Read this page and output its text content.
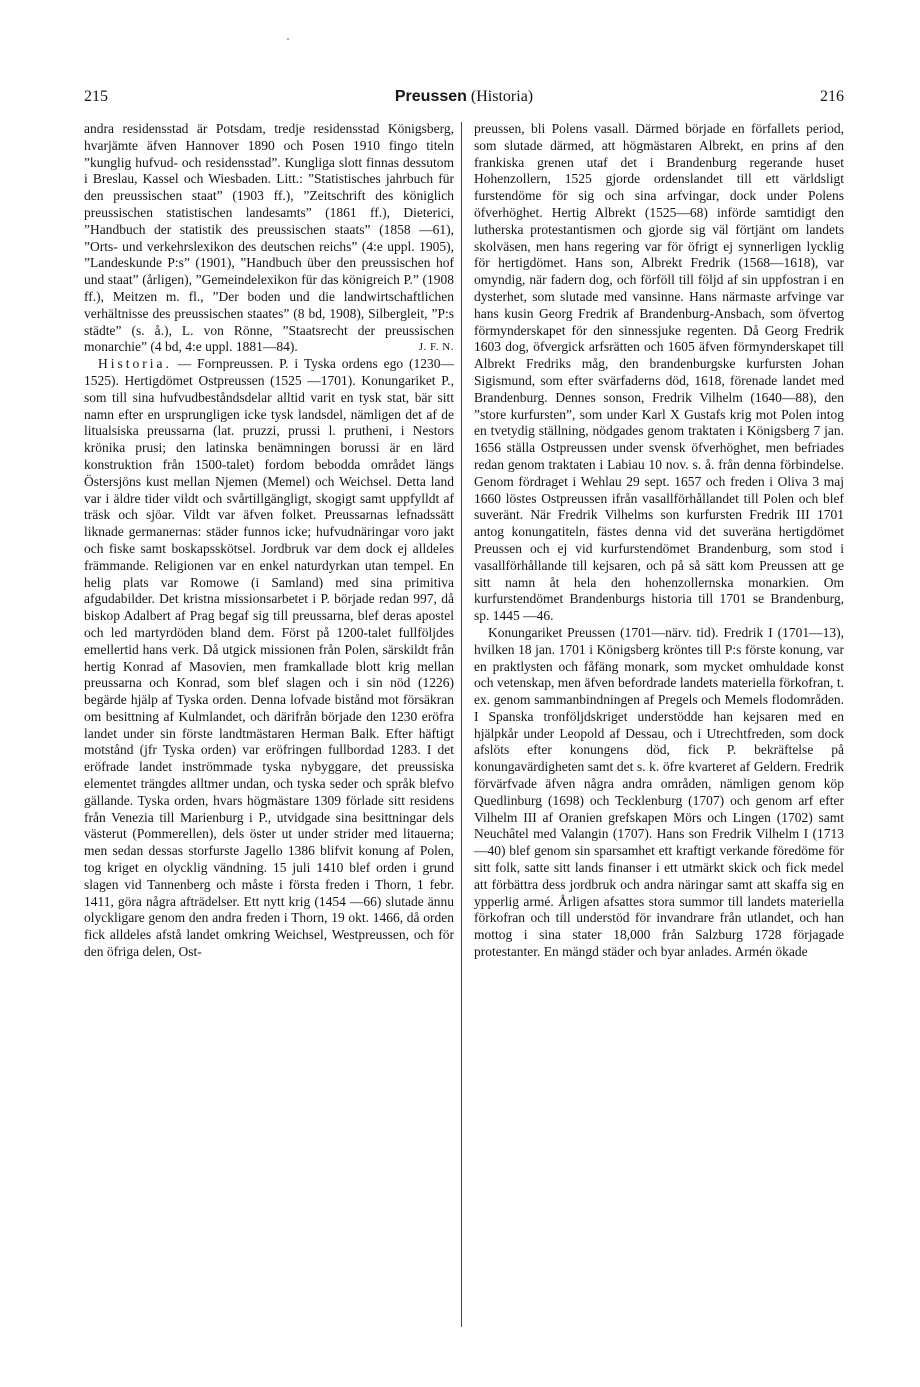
215	Preussen (Historia)	216

andra residensstad är Potsdam, tredje residensstad Königsberg, hvarjämte äfven Hannover 1890 och Posen 1910 fingo titeln ”kunglig hufvud- och residensstad”. Kungliga slott finnas dessutom i Breslau, Kassel och Wiesbaden. Litt.: ”Statistisches jahrbuch für den preussischen staat” (1903 ff.), ”Zeitschrift des königlich preussischen statistischen landesamts” (1861 ff.), Dieterici, ”Handbuch der statistik des preussischen staats” (1858 —61), ”Orts- und verkehrslexikon des deutschen reichs” (4:e uppl. 1905), ”Landeskunde P:s” (1901), ”Handbuch über den preussischen hof und staat” (årligen), ”Gemeindelexikon für das königreich P.” (1908 ff.), Meitzen m. fl., ”Der boden und die landwirtschaftlichen verhältnisse des preussischen staates” (8 bd, 1908), Silbergleit, ”P:s städte” (s. å.), L. von Rönne, ”Staatsrecht der preussischen monarchie” (4 bd, 4:e uppl. 1881—84).	J. F. N.

Historia. — Fornpreussen. P. i Tyska ordens ego (1230—1525). Hertigdömet Ostpreussen (1525 —1701). Konungariket P., som till sina hufvudbeståndsdelar alltid varit en tysk stat, bär sitt namn efter en ursprungligen icke tysk landsdel, nämligen det af de litualsiska preussarna (lat. pruzzi, prussi l. prutheni, i Nestors krönika prusi; den latinska benämningen borussi är en lärd konstruktion från 1500-talet) fordom bebodda området längs Östersjöns kust mellan Njemen (Memel) och Weichsel. Detta land var i äldre tider vildt och svårtillgängligt, skogigt samt uppfylldt af träsk och sjöar. Vildt var äfven folket. Preussarnas lefnadssätt liknade germanernas: städer funnos icke; hufvudnäringar voro jakt och fiske samt boskapsskötsel. Jordbruk var dem dock ej alldeles främmande. Religionen var en enkel naturdyrkan utan tempel. En helig plats var Romowe (i Samland) med sina primitiva afgudabilder. Det kristna missionsarbetet i P. började redan 997, då biskop Adalbert af Prag begaf sig till preussarna, blef deras apostel och led martyrdöden bland dem. Först på 1200-talet fullföljdes emellertid hans verk. Då utgick missionen från Polen, särskildt från hertig Konrad af Masovien, men framkallade blott krig mellan preussarna och Konrad, som blef slagen och i sin nöd (1226) begärde hjälp af Tyska orden. Denna lofvade bistånd mot försäkran om besittning af Kulmlandet, och därifrån började den 1230 eröfra landet under sin förste landtmästaren Herman Balk. Efter häftigt motstånd (jfr Tyska orden) var eröfringen fullbordad 1283. I det eröfrade landet inströmmade tyska nybyggare, det preussiska elementet trängdes alltmer undan, och tyska seder och språk blefvo gällande. Tyska orden, hvars högmästare 1309 förlade sitt residens från Venezia till Marienburg i P., utvidgade sina besittningar dels västerut (Pommerellen), dels öster ut under strider med litauerna; men sedan dessas storfurste Jagello 1386 blifvit konung af Polen, tog kriget en olycklig vändning. 15 juli 1410 blef orden i grund slagen vid Tannenberg och måste i första freden i Thorn, 1 febr. 1411, göra några afträdelser. Ett nytt krig (1454 —66) slutade ännu olyckligare genom den andra freden i Thorn, 19 okt. 1466, då orden fick alldeles afstå landet omkring Weichsel, Westpreussen, och för den öfriga delen, Ost-

preussen, bli Polens vasall. Därmed började en förfallets period, som slutade därmed, att högmästaren Albrekt, en prins af den frankiska grenen utaf det i Brandenburg regerande huset Hohenzollern, 1525 gjorde ordenslandet till ett världsligt furstendöme för sig och sina arfvingar, dock under Polens öfverhöghet. Hertig Albrekt (1525—68) införde samtidigt den lutherska protestantismen och gjorde sig väl förtjänt om landets skolväsen, men hans regering var för öfrigt ej synnerligen lycklig för hertigdömet. Hans son, Albrekt Fredrik (1568—1618), var omyndig, när fadern dog, och förföll till följd af sin uppfostran i en dysterhet, som slutade med vansinne. Hans närmaste arfvinge var hans kusin Georg Fredrik af Brandenburg-Ansbach, som öfvertog förmynderskapet för den sinnessjuke regenten. Då Georg Fredrik 1603 dog, öfvergick arfsrätten och 1605 äfven förmynderskapet till Albrekt Fredriks måg, den brandenburgske kurfursten Johan Sigismund, som efter svärfaderns död, 1618, förenade landet med Brandenburg. Dennes sonson, Fredrik Vilhelm (1640—88), den ”store kurfursten”, som under Karl X Gustafs krig mot Polen intog en tvetydig ställning, nödgades genom traktaten i Königsberg 7 jan. 1656 ställa Ostpreussen under svensk öfverhöghet, men befriades redan genom traktaten i Labiau 10 nov. s. å. från denna förbindelse. Genom fördraget i Wehlau 29 sept. 1657 och freden i Oliva 3 maj 1660 löstes Ostpreussen ifrån vasallförhållandet till Polen och blef suveränt. När Fredrik Vilhelms son kurfursten Fredrik III 1701 antog konungatiteln, fästes denna vid det suveräna hertigdömet Preussen och ej vid kurfurstendömet Brandenburg, som stod i vasallförhållande till kejsaren, och på så sätt kom Preussen att ge sitt namn åt hela den hohenzollernska monarkien. Om kurfurstendömet Brandenburgs historia till 1701 se Brandenburg, sp. 1445 —46.

Konungariket Preussen (1701—närv. tid). Fredrik I (1701—13), hvilken 18 jan. 1701 i Königsberg kröntes till P:s förste konung, var en praktlysten och fåfäng monark, som mycket omhuldade konst och vetenskap, men äfven befordrade landets materiella förkofran, t. ex. genom sammanbindningen af Pregels och Memels flodområden. I Spanska tronföljdskriget understödde han kejsaren med en hjälpkår under Leopold af Dessau, och i Utrechtfreden, som dock afslöts efter konungens död, fick P. bekräftelse på konungavärdigheten samt det s. k. öfre kvarteret af Geldern. Fredrik förvärfvade äfven några andra områden, nämligen genom köp Quedlinburg (1698) och Tecklenburg (1707) och genom arf efter Vilhelm III af Oranien grefskapen Mörs och Lingen (1702) samt Neuchâtel med Valangin (1707). Hans son Fredrik Vilhelm I (1713—40) blef genom sin sparsamhet ett kraftigt verkande föredöme för sitt folk, satte sitt lands finanser i ett utmärkt skick och fick medel att förbättra dess jordbruk och andra näringar samt att skaffa sig en ypperlig armé. Årligen afsattes stora summor till landets materiella förkofran och till understöd för invandrare från utlandet, och han mottog i sina stater 18,000 från Salzburg 1728 förjagade protestanter. En mängd städer och byar anlades. Armén ökade
